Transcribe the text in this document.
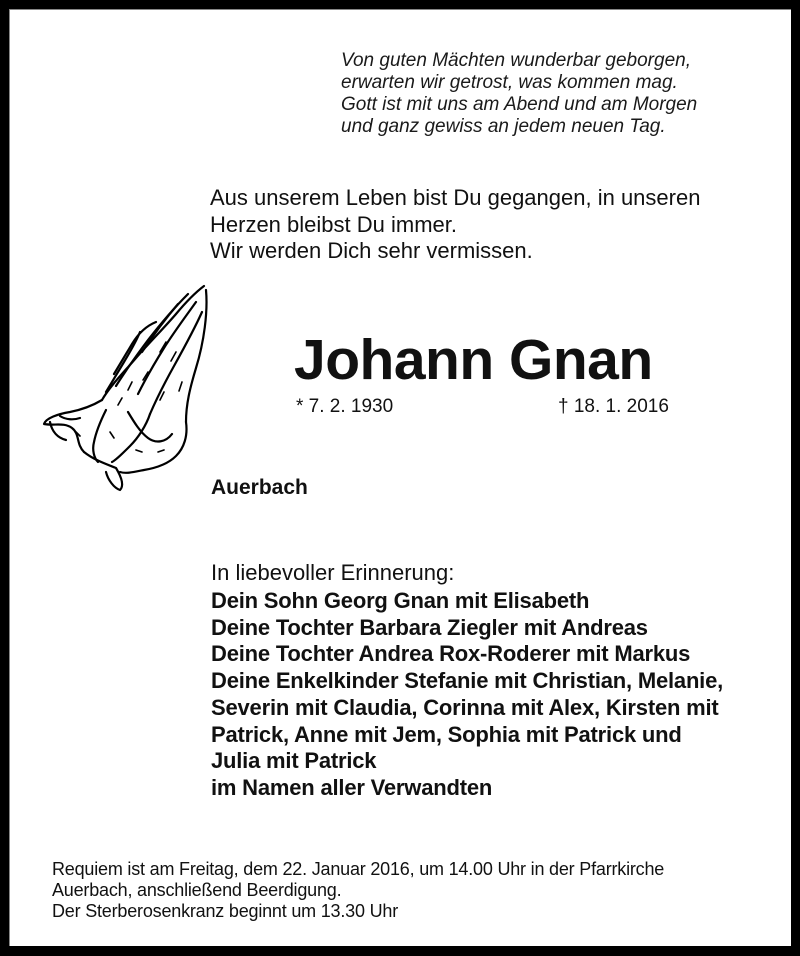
Von guten Mächten wunderbar geborgen,
erwarten wir getrost, was kommen mag.
Gott ist mit uns am Abend und am Morgen
und ganz gewiss an jedem neuen Tag.
Aus unserem Leben bist Du gegangen, in unseren
Herzen bleibst Du immer.
Wir werden Dich sehr vermissen.
Johann Gnan
* 7. 2. 1930	† 18. 1. 2016
Auerbach
In liebevoller Erinnerung:
Dein Sohn Georg Gnan mit Elisabeth
Deine Tochter Barbara Ziegler mit Andreas
Deine Tochter Andrea Rox-Roderer mit Markus
Deine Enkelkinder Stefanie mit Christian, Melanie,
Severin mit Claudia, Corinna mit Alex, Kirsten mit
Patrick, Anne mit Jem, Sophia mit Patrick und
Julia mit Patrick
im Namen aller Verwandten
Requiem ist am Freitag, dem 22. Januar 2016, um 14.00 Uhr in der Pfarrkirche
Auerbach, anschließend Beerdigung.
Der Sterberosenkranz beginnt um 13.30 Uhr
